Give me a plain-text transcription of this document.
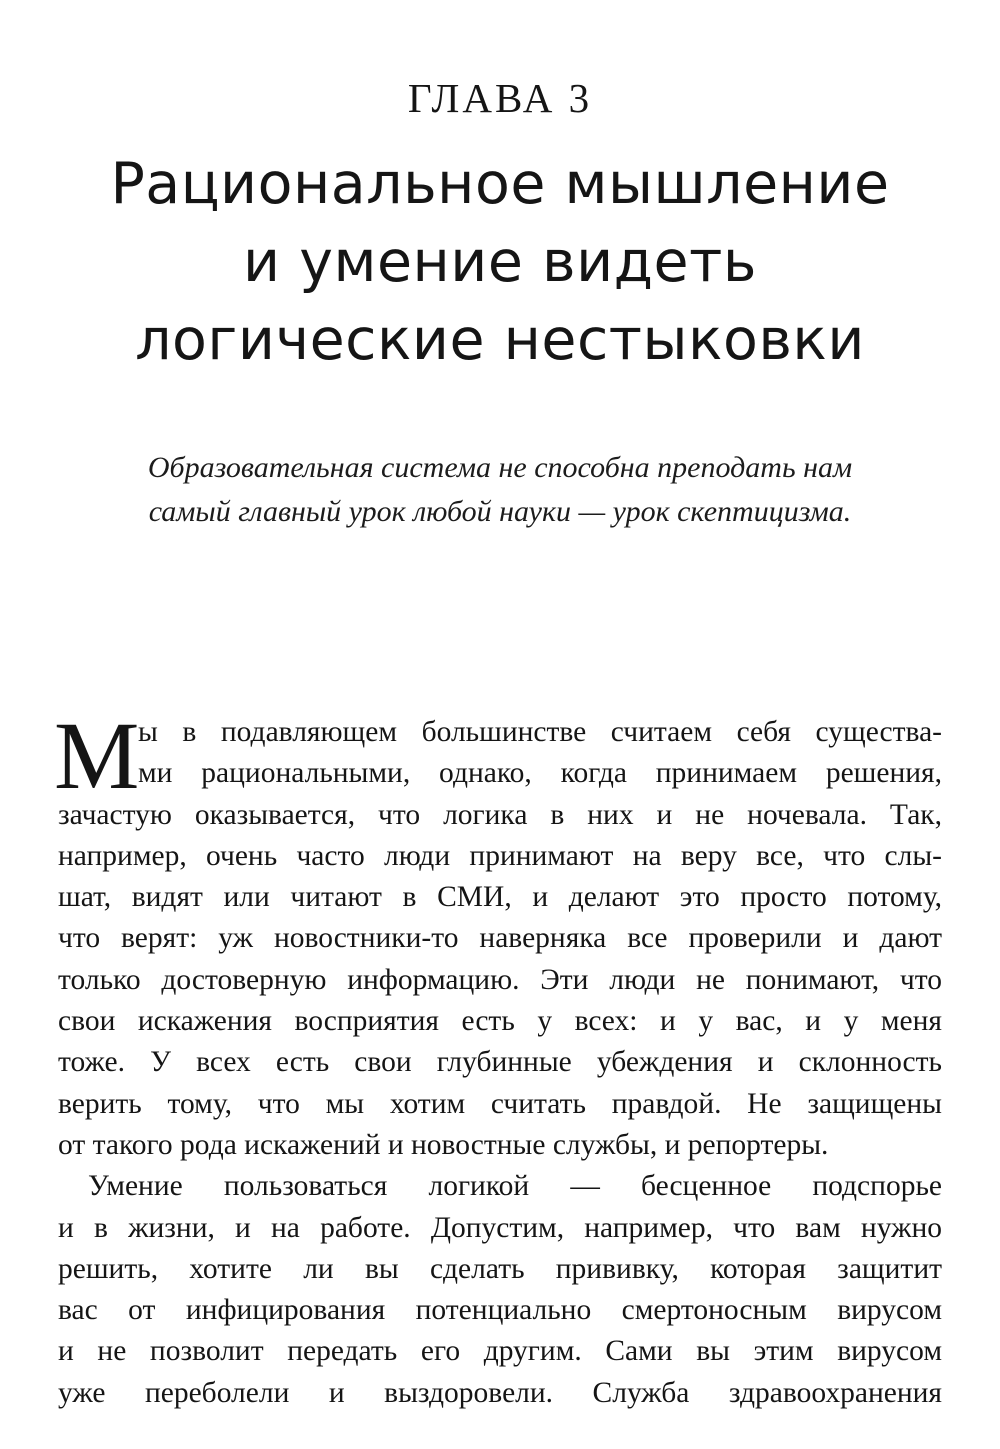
ГЛАВА 3
Рациональное мышление
и умение видеть
логические нестыковки
Образовательная система не способна преподать нам
самый главный урок любой науки — урок скептицизма.
М
ы в подавляющем большинстве считаем себя существа-
ми рациональными, однако, когда принимаем решения,
зачастую оказывается, что логика в них и не ночевала. Так,
например, очень часто люди принимают на веру все, что слы-
шат, видят или читают в СМИ, и делают это просто потому,
что верят: уж новостники-то наверняка все проверили и дают
только достоверную информацию. Эти люди не понимают, что
свои искажения восприятия есть у всех: и у вас, и у меня
тоже. У всех есть свои глубинные убеждения и склонность
верить тому, что мы хотим считать правдой. Не защищены
от такого рода искажений и новостные службы, и репортеры.
Умение пользоваться логикой — бесценное подспорье
и в жизни, и на работе. Допустим, например, что вам нужно
решить, хотите ли вы сделать прививку, которая защитит
вас от инфицирования потенциально смертоносным вирусом
и не позволит передать его другим. Сами вы этим вирусом
уже переболели и выздоровели. Служба здравоохранения
